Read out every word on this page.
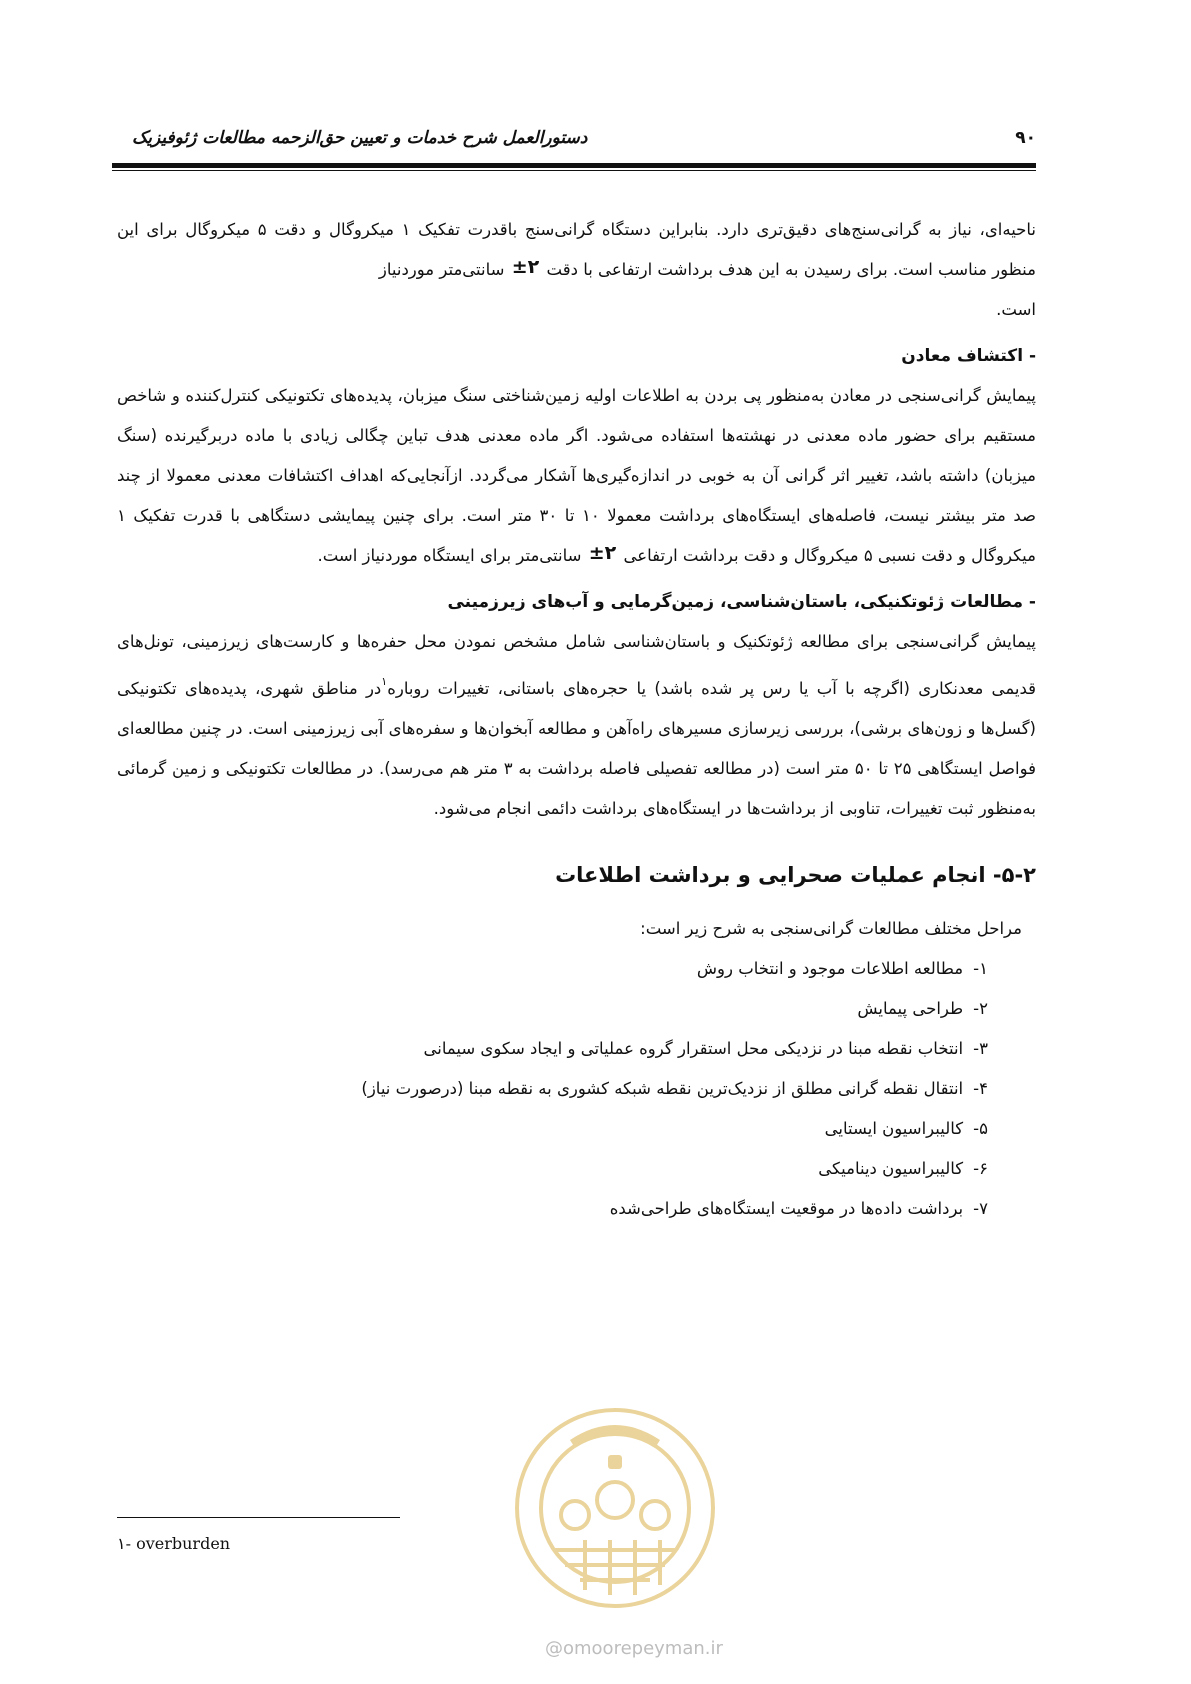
دستورالعمل شرح خدمات و تعیین حق‌الزحمه مطالعات ژئوفیزیک	۹۰

ناحیه‌ای، نیاز به گرانی‌سنج‌های دقیق‌تری دارد. بنابراین دستگاه گرانی‌سنج باقدرت تفکیک ۱ میکروگال و دقت ۵ میکروگال برای این منظور مناسب است. برای رسیدن به این هدف برداشت ارتفاعی با دقت ±۲ سانتی‌متر موردنیاز
است.

- اکتشاف معادن

پیمایش گرانی‌سنجی در معادن به‌منظور پی بردن به اطلاعات اولیه زمین‌شناختی سنگ میزبان، پدیده‌های تکتونیکی کنترل‌کننده و شاخص مستقیم برای حضور ماده معدنی در نهشته‌ها استفاده می‌شود. اگر ماده معدنی هدف تباین چگالی زیادی با ماده دربرگیرنده (سنگ میزبان) داشته باشد، تغییر اثر گرانی آن به خوبی در اندازه‌گیری‌ها آشکار می‌گردد. ازآنجایی‌که اهداف اکتشافات معدنی معمولا از چند صد متر بیشتر نیست، فاصله‌های ایستگاه‌های برداشت معمولا ۱۰ تا ۳۰ متر است. برای چنین پیمایشی دستگاهی با قدرت تفکیک ۱ میکروگال و دقت نسبی ۵ میکروگال و دقت برداشت ارتفاعی ±۲ سانتی‌متر برای ایستگاه موردنیاز است.

- مطالعات ژئوتکنیکی، باستان‌شناسی، زمین‌گرمایی و آب‌های زیرزمینی

پیمایش گرانی‌سنجی برای مطالعه ژئوتکنیک و باستان‌شناسی شامل مشخص نمودن محل حفره‌ها و کارست‌های زیرزمینی، تونل‌های قدیمی معدنکاری (اگرچه با آب یا رس پر شده باشد) یا حجره‌های باستانی، تغییرات روباره$^۱$در مناطق شهری، پدیده‌های تکتونیکی (گسل‌ها و زون‌های برشی)، بررسی زیرسازی مسیرهای راه‌آهن و مطالعه آبخوان‌ها و سفره‌های آبی زیرزمینی است. در چنین مطالعه‌ای فواصل ایستگاهی ۲۵ تا ۵۰ متر است (در مطالعه تفصیلی فاصله برداشت به ۳ متر هم می‌رسد). در مطالعات تکتونیکی و زمین گرمائی به‌منظور ثبت تغییرات، تناوبی از برداشت‌ها در ایستگاه‌های برداشت دائمی انجام می‌شود.

۵-۲- انجام عملیات صحرایی و برداشت اطلاعات

مراحل مختلف مطالعات گرانی‌سنجی به شرح زیر است:

۱-مطالعه اطلاعات موجود و انتخاب روش
۲-طراحی پیمایش
۳-انتخاب نقطه مبنا در نزدیکی محل استقرار گروه عملیاتی و ایجاد سکوی سیمانی
۴-انتقال نقطه گرانی مطلق از نزدیک‌ترین نقطه شبکه کشوری به نقطه مبنا (درصورت نیاز)
۵-کالیبراسیون ایستایی
۶-کالیبراسیون دینامیکی
۷-برداشت داده‌ها در موقعیت ایستگاه‌های طراحی‌شده
۱- overburden
@omoorepeyman.ir
